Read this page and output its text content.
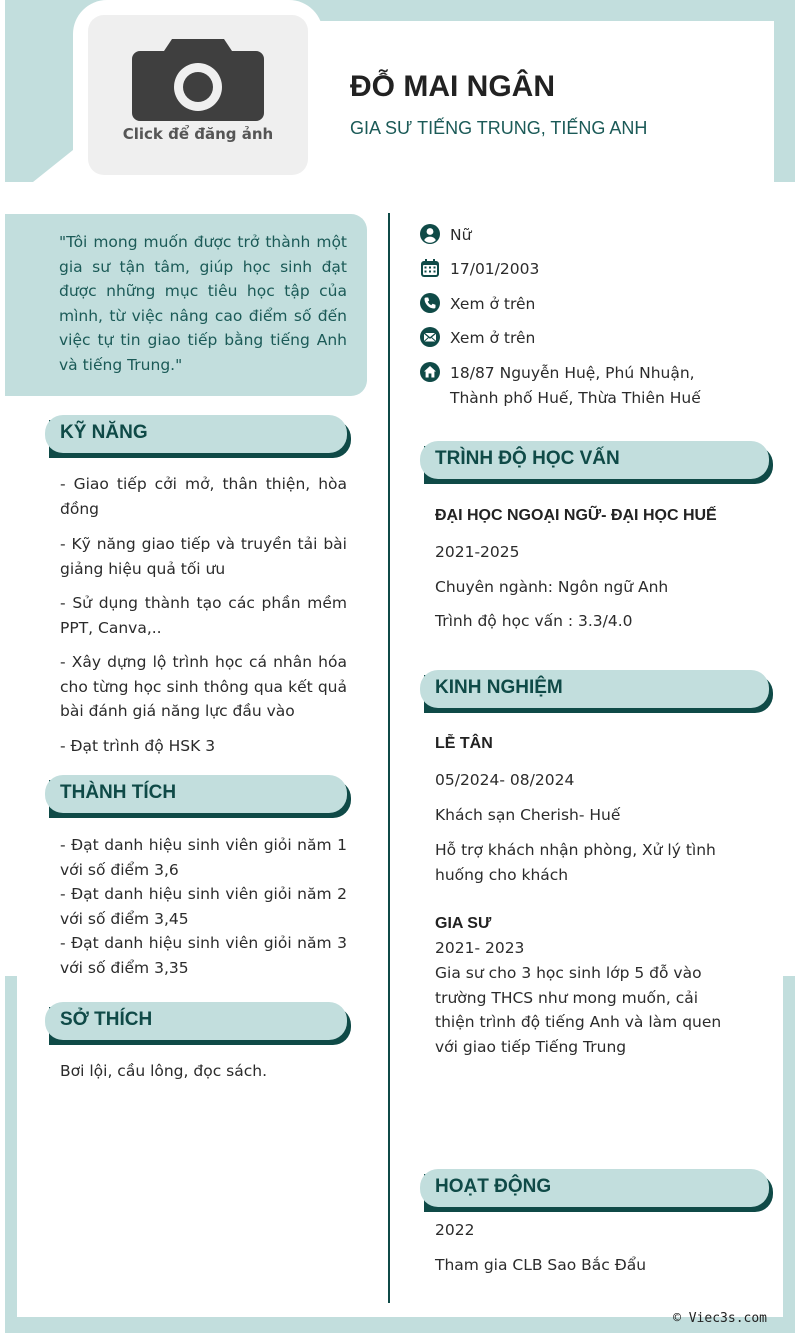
Click để đăng ảnh
ĐỖ MAI NGÂN
GIA SƯ TIẾNG TRUNG, TIẾNG ANH
"Tôi mong muốn được trở thành một gia sư tận tâm, giúp học sinh đạt được những mục tiêu học tập của mình, từ việc nâng cao điểm số đến việc tự tin giao tiếp bằng tiếng Anh và tiếng Trung."
KỸ NĂNG
- Giao tiếp cởi mở, thân thiện, hòa đồng
- Kỹ năng giao tiếp và truyền tải bài giảng hiệu quả tối ưu
- Sử dụng thành tạo các phần mềm PPT, Canva,..
- Xây dựng lộ trình học cá nhân hóa cho từng học sinh thông qua kết quả bài đánh giá năng lực đầu vào
- Đạt trình độ HSK 3
THÀNH TÍCH
- Đạt danh hiệu sinh viên giỏi năm 1 với số điểm 3,6
- Đạt danh hiệu sinh viên giỏi năm 2 với số điểm 3,45
- Đạt danh hiệu sinh viên giỏi năm 3 với số điểm 3,35
SỞ THÍCH
Bơi lội, cầu lông, đọc sách.
Nữ
17/01/2003
Xem ở trên
Xem ở trên
18/87 Nguyễn Huệ, Phú Nhuận,
Thành phố Huế, Thừa Thiên Huế
TRÌNH ĐỘ HỌC VẤN
ĐẠI HỌC NGOẠI NGỮ- ĐẠI HỌC HUẾ
2021-2025
Chuyên ngành: Ngôn ngữ Anh
Trình độ học vấn : 3.3/4.0
KINH NGHIỆM
LỄ TÂN
05/2024- 08/2024
Khách sạn Cherish- Huế
Hỗ trợ khách nhận phòng, Xử lý tình huống cho khách
GIA SƯ
2021- 2023
Gia sư cho 3 học sinh lớp 5 đỗ vào trường THCS như mong muốn, cải thiện trình độ tiếng Anh và làm quen với giao tiếp Tiếng Trung
HOẠT ĐỘNG
2022
Tham gia CLB Sao Bắc Đẩu
© Viec3s.com
